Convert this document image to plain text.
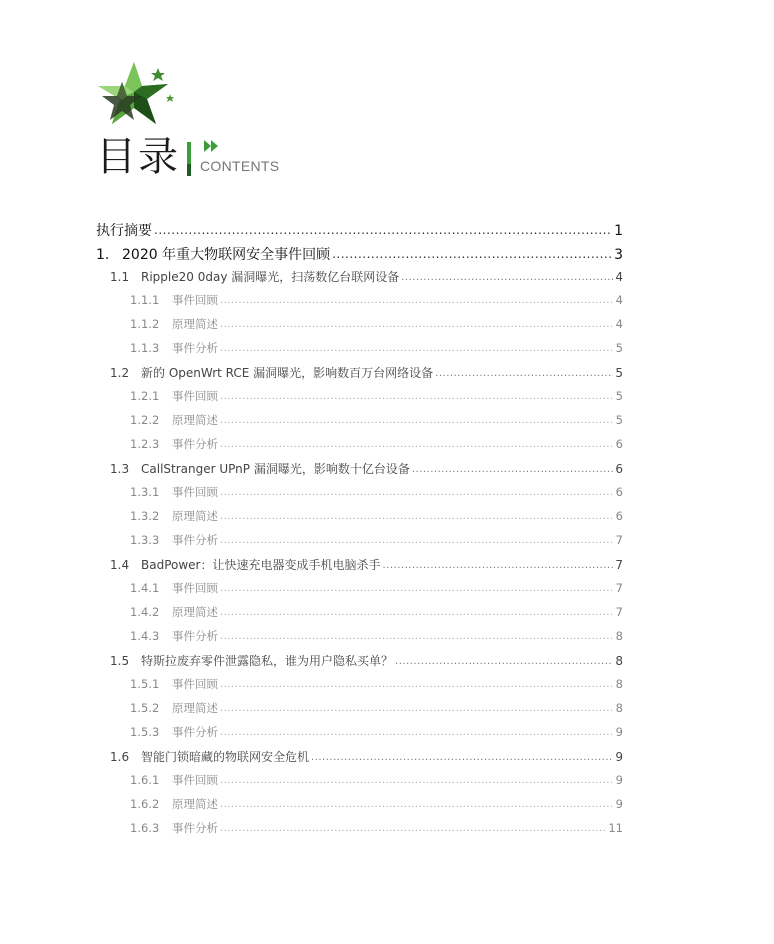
目录 CONTENTS
执行摘要 .....	1
1. 2020 年重大物联网安全事件回顾 .....	3
1.1 Ripple20 0day 漏洞曝光，扫荡数亿台联网设备 .....	4
1.1.1	事件回顾 .....	4
1.1.2	原理简述 .....	4
1.1.3	事件分析 .....	5
1.2 新的 OpenWrt RCE 漏洞曝光，影响数百万台网络设备 .....	5
1.2.1	事件回顾 .....	5
1.2.2	原理简述 .....	5
1.2.3	事件分析 .....	6
1.3 CallStranger UPnP 漏洞曝光，影响数十亿台设备 .....	6
1.3.1	事件回顾 .....	6
1.3.2	原理简述 .....	6
1.3.3	事件分析 .....	7
1.4 BadPower：让快速充电器变成手机电脑杀手 .....	7
1.4.1	事件回顾 .....	7
1.4.2	原理简述 .....	7
1.4.3	事件分析 .....	8
1.5 特斯拉废弃零件泄露隐私，谁为用户隐私买单？ .....	8
1.5.1	事件回顾 .....	8
1.5.2	原理简述 .....	8
1.5.3	事件分析 .....	9
1.6 智能门锁暗藏的物联网安全危机 .....	9
1.6.1	事件回顾 .....	9
1.6.2	原理简述 .....	9
1.6.3	事件分析 .....	11
